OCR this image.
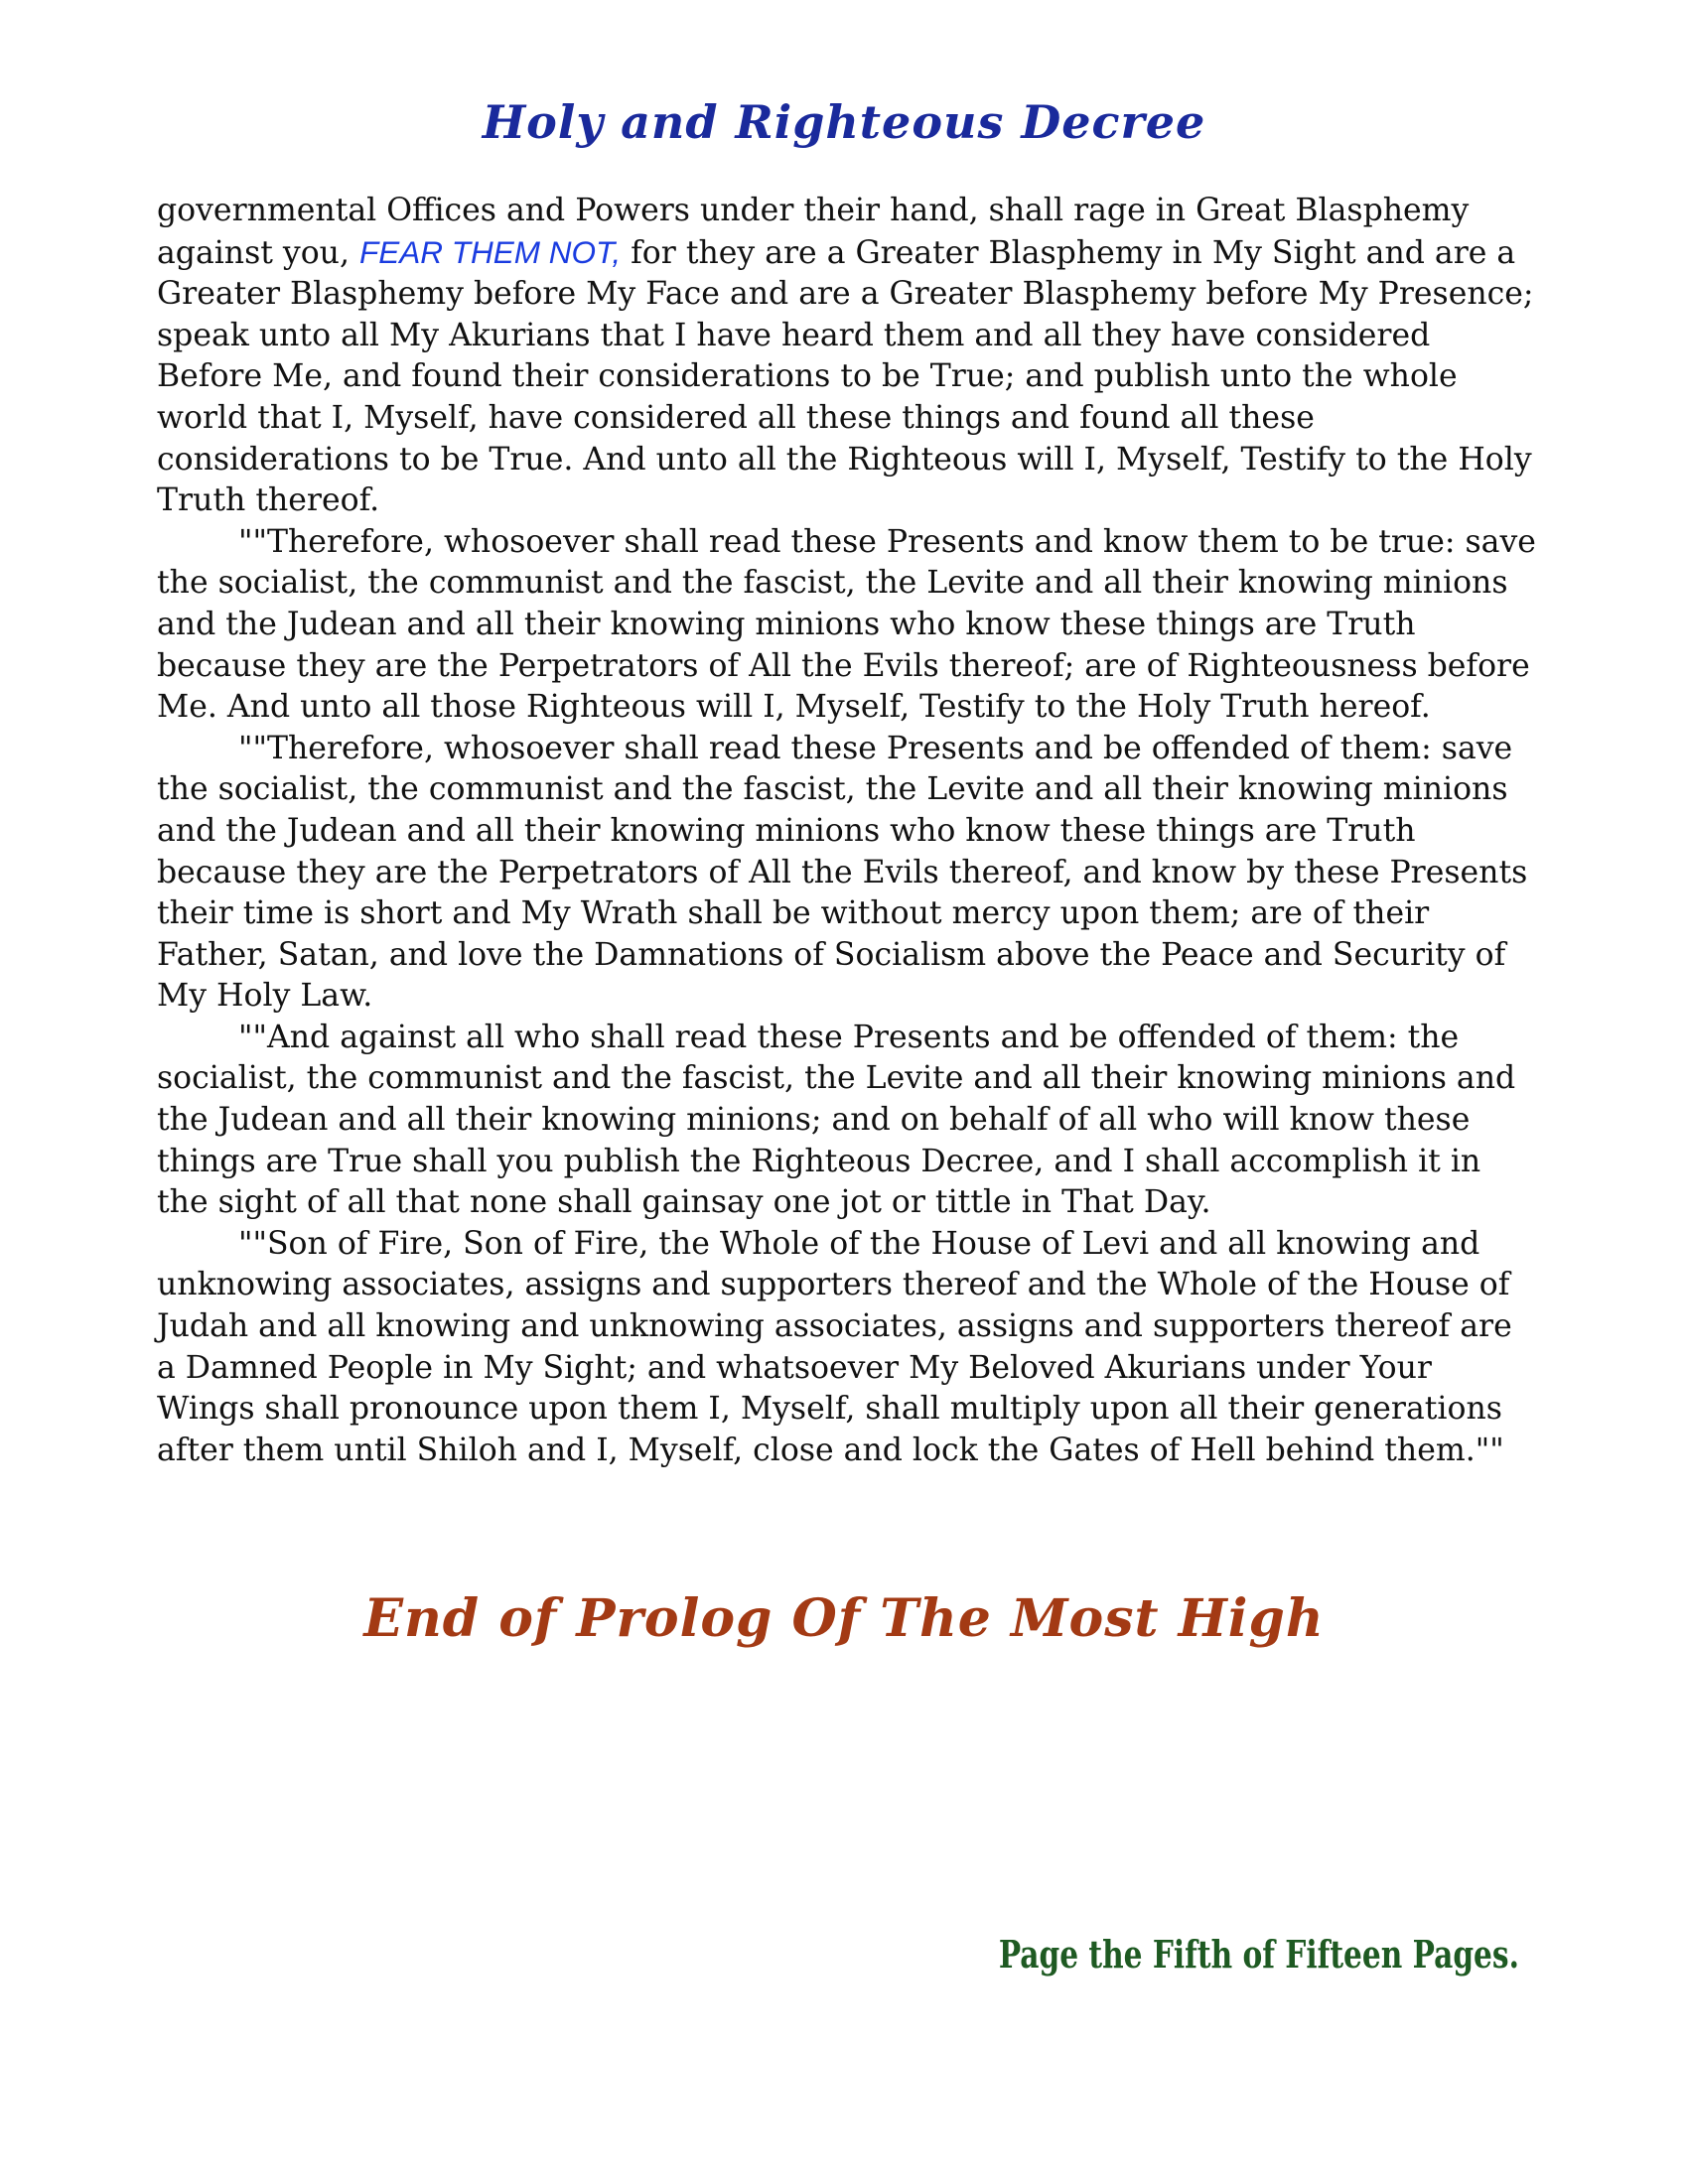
Holy and Righteous Decree

governmental Offices and Powers under their hand, shall rage in Great Blasphemy against you, FEAR THEM NOT, for they are a Greater Blasphemy in My Sight and are a Greater Blasphemy before My Face and are a Greater Blasphemy before My Presence; speak unto all My Akurians that I have heard them and all they have considered Before Me, and found their considerations to be True; and publish unto the whole world that I, Myself, have considered all these things and found all these considerations to be True. And unto all the Righteous will I, Myself, Testify to the Holy Truth thereof.

""Therefore, whosoever shall read these Presents and know them to be true: save the socialist, the communist and the fascist, the Levite and all their knowing minions and the Judean and all their knowing minions who know these things are Truth because they are the Perpetrators of All the Evils thereof; are of Righteousness before Me. And unto all those Righteous will I, Myself, Testify to the Holy Truth hereof.

""Therefore, whosoever shall read these Presents and be offended of them: save the socialist, the communist and the fascist, the Levite and all their knowing minions and the Judean and all their knowing minions who know these things are Truth because they are the Perpetrators of All the Evils thereof, and know by these Presents their time is short and My Wrath shall be without mercy upon them; are of their Father, Satan, and love the Damnations of Socialism above the Peace and Security of My Holy Law.

""And against all who shall read these Presents and be offended of them: the socialist, the communist and the fascist, the Levite and all their knowing minions and the Judean and all their knowing minions; and on behalf of all who will know these things are True shall you publish the Righteous Decree, and I shall accomplish it in the sight of all that none shall gainsay one jot or tittle in That Day.

""Son of Fire, Son of Fire, the Whole of the House of Levi and all knowing and unknowing associates, assigns and supporters thereof and the Whole of the House of Judah and all knowing and unknowing associates, assigns and supporters thereof are a Damned People in My Sight; and whatsoever My Beloved Akurians under Your Wings shall pronounce upon them I, Myself, shall multiply upon all their generations after them until Shiloh and I, Myself, close and lock the Gates of Hell behind them.""

End of Prolog Of The Most High
Page the Fifth of Fifteen Pages.
